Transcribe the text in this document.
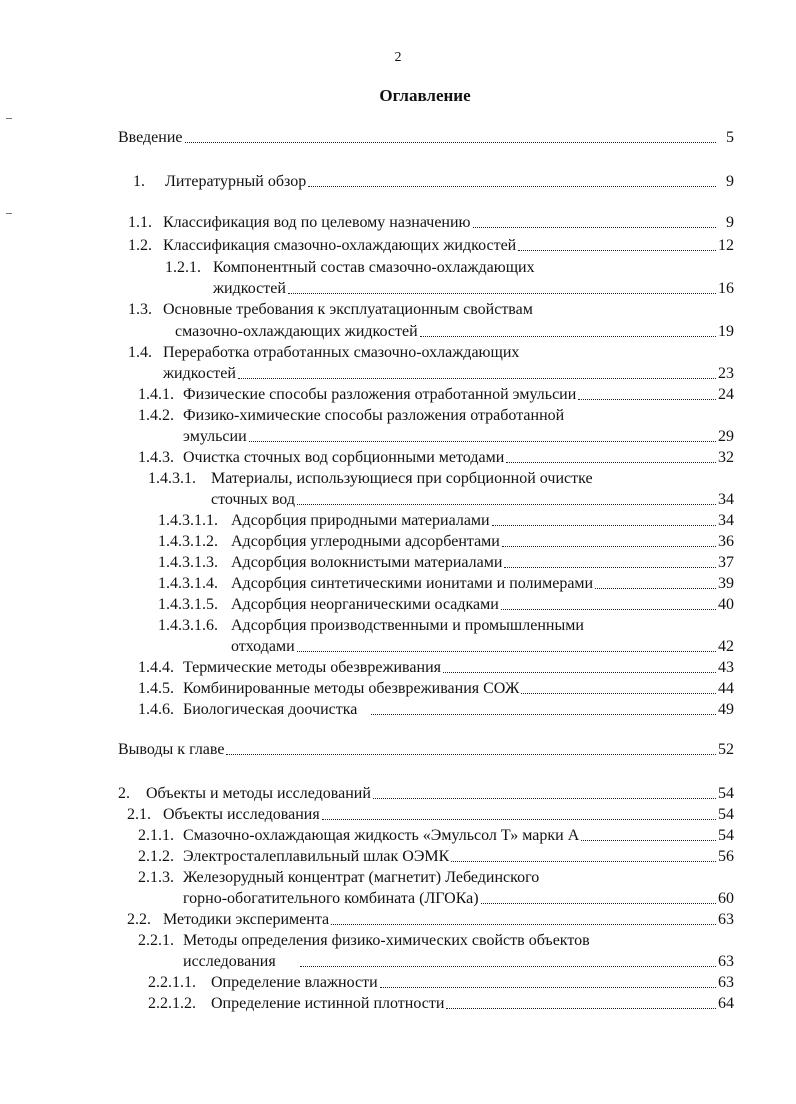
2
Оглавление
Введение	5
1.	Литературный обзор	9
1.1. Классификация вод по целевому назначению	9
1.2. Классификация смазочно-охлаждающих жидкостей	12
1.2.1. Компонентный состав смазочно-охлаждающих
жидкостей	16
1.3. Основные требования к эксплуатационным свойствам
смазочно-охлаждающих жидкостей	19
1.4. Переработка отработанных смазочно-охлаждающих
жидкостей	23
1.4.1. Физические способы разложения отработанной эмульсии	24
1.4.2. Физико-химические способы разложения отработанной
эмульсии	29
1.4.3. Очистка сточных вод сорбционными методами	32
1.4.3.1. Материалы, использующиеся при сорбционной очистке
сточных вод	34
1.4.3.1.1. Адсорбция природными материалами	34
1.4.3.1.2. Адсорбция углеродными адсорбентами	36
1.4.3.1.3. Адсорбция волокнистыми материалами	37
1.4.3.1.4. Адсорбция синтетическими ионитами и полимерами	39
1.4.3.1.5. Адсорбция неорганическими осадками	40
1.4.3.1.6. Адсорбция производственными и промышленными
отходами	42
1.4.4. Термические методы обезвреживания	43
1.4.5. Комбинированные методы обезвреживания СОЖ	44
1.4.6. Биологическая доочистка	49
Выводы к главе	52
2.	Объекты и методы исследований	54
2.1. Объекты исследования	54
2.1.1. Смазочно-охлаждающая жидкость «Эмульсол Т» марки А	54
2.1.2. Электросталеплавильный шлак ОЭМК	56
2.1.3. Железорудный концентрат (магнетит) Лебединского
горно-обогатительного комбината (ЛГОКа)	60
2.2. Методики эксперимента	63
2.2.1. Методы определения физико-химических свойств объектов
исследования	63
2.2.1.1. Определение влажности	63
2.2.1.2. Определение истинной плотности	64
